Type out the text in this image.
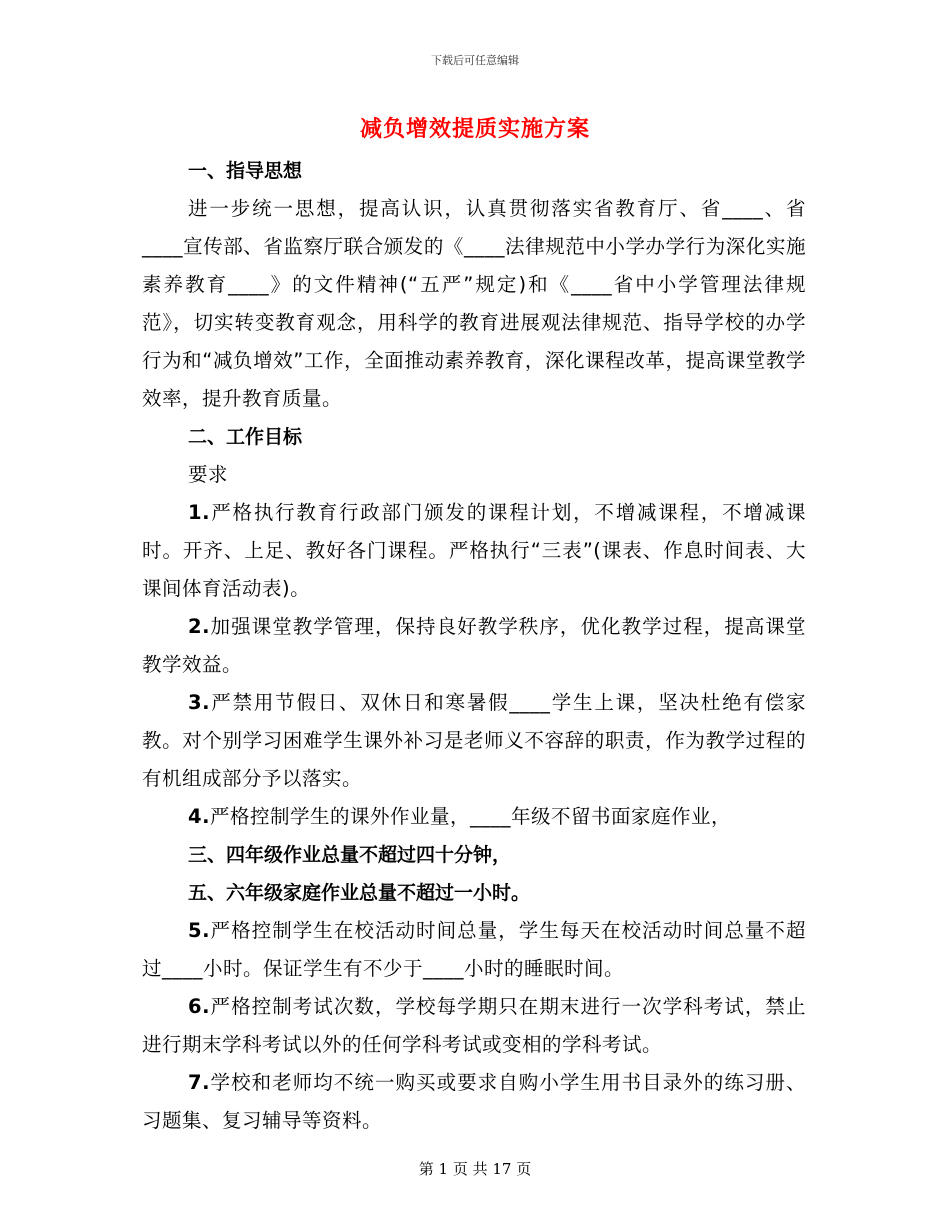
下载后可任意编辑
减负增效提质实施方案
一、指导思想

进一步统一思想，提高认识，认真贯彻落实省教育厅、省____、省____宣传部、省监察厅联合颁发的《____法律规范中小学办学行为深化实施素养教育____》的文件精神(“五严”规定)和《____省中小学管理法律规范》，切实转变教育观念，用科学的教育进展观法律规范、指导学校的办学行为和“减负增效”工作，全面推动素养教育，深化课程改革，提高课堂教学效率，提升教育质量。

二、工作目标

要求

1.严格执行教育行政部门颁发的课程计划，不增减课程，不增减课时。开齐、上足、教好各门课程。严格执行“三表”(课表、作息时间表、大课间体育活动表)。

2.加强课堂教学管理，保持良好教学秩序，优化教学过程，提高课堂教学效益。

3.严禁用节假日、双休日和寒暑假____学生上课，坚决杜绝有偿家教。对个别学习困难学生课外补习是老师义不容辞的职责，作为教学过程的有机组成部分予以落实。

4.严格控制学生的课外作业量，____年级不留书面家庭作业，

三、四年级作业总量不超过四十分钟，
五、六年级家庭作业总量不超过一小时。

5.严格控制学生在校活动时间总量，学生每天在校活动时间总量不超过____小时。保证学生有不少于____小时的睡眠时间。

6.严格控制考试次数，学校每学期只在期末进行一次学科考试，禁止进行期末学科考试以外的任何学科考试或变相的学科考试。

7.学校和老师均不统一购买或要求自购小学生用书目录外的练习册、习题集、复习辅导等资料。

第 1 页 共 17 页
